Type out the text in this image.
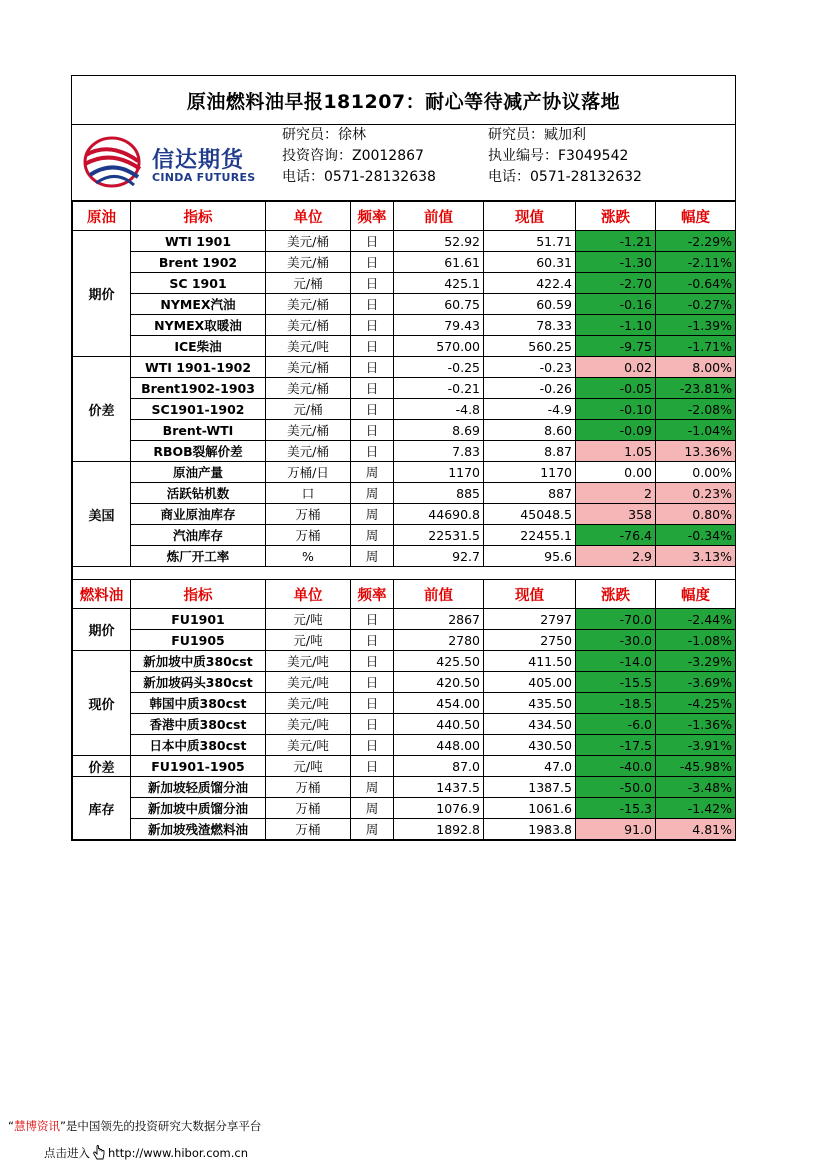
原油燃料油早报181207：耐心等待减产协议落地
信达期货
CINDA FUTURES
研究员：徐林
投资咨询：Z0012867
电话：0571-28132638
研究员：臧加利
执业编号：F3049542
电话：0571-28132632
原油	指标	单位	频率	前值	现值	涨跌	幅度
期价	WTI 1901	美元/桶	日	52.92	51.71	-1.21	-2.29%
	Brent 1902	美元/桶	日	61.61	60.31	-1.30	-2.11%
	SC 1901	元/桶	日	425.1	422.4	-2.70	-0.64%
	NYMEX汽油	美元/桶	日	60.75	60.59	-0.16	-0.27%
	NYMEX取暖油	美元/桶	日	79.43	78.33	-1.10	-1.39%
	ICE柴油	美元/吨	日	570.00	560.25	-9.75	-1.71%
价差	WTI 1901-1902	美元/桶	日	-0.25	-0.23	0.02	8.00%
	Brent1902-1903	美元/桶	日	-0.21	-0.26	-0.05	-23.81%
	SC1901-1902	元/桶	日	-4.8	-4.9	-0.10	-2.08%
	Brent-WTI	美元/桶	日	8.69	8.60	-0.09	-1.04%
	RBOB裂解价差	美元/桶	日	7.83	8.87	1.05	13.36%
美国	原油产量	万桶/日	周	1170	1170	0.00	0.00%
	活跃钻机数	口	周	885	887	2	0.23%
	商业原油库存	万桶	周	44690.8	45048.5	358	0.80%
	汽油库存	万桶	周	22531.5	22455.1	-76.4	-0.34%
	炼厂开工率	%	周	92.7	95.6	2.9	3.13%

燃料油	指标	单位	频率	前值	现值	涨跌	幅度
期价	FU1901	元/吨	日	2867	2797	-70.0	-2.44%
	FU1905	元/吨	日	2780	2750	-30.0	-1.08%
现价	新加坡中质380cst	美元/吨	日	425.50	411.50	-14.0	-3.29%
	新加坡码头380cst	美元/吨	日	420.50	405.00	-15.5	-3.69%
	韩国中质380cst	美元/吨	日	454.00	435.50	-18.5	-4.25%
	香港中质380cst	美元/吨	日	440.50	434.50	-6.0	-1.36%
	日本中质380cst	美元/吨	日	448.00	430.50	-17.5	-3.91%
价差	FU1901-1905	元/吨	日	87.0	47.0	-40.0	-45.98%
库存	新加坡轻质馏分油	万桶	周	1437.5	1387.5	-50.0	-3.48%
	新加坡中质馏分油	万桶	周	1076.9	1061.6	-15.3	-1.42%
	新加坡残渣燃料油	万桶	周	1892.8	1983.8	91.0	4.81%
“慧博资讯”是中国领先的投资研究大数据分享平台
点击进入 http://www.hibor.com.cn
